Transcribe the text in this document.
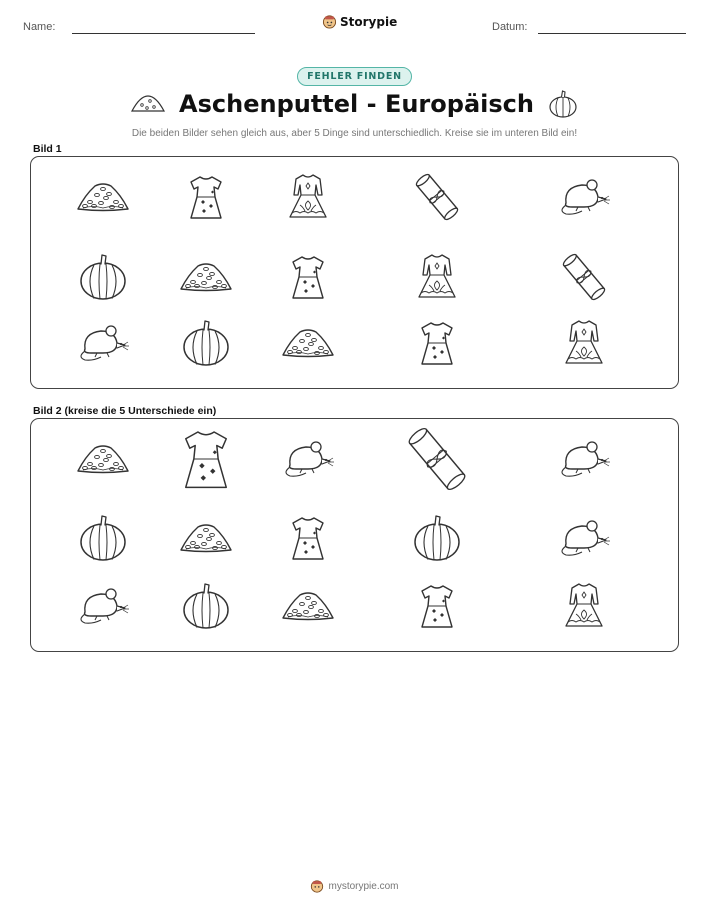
Name:	Storypie	Datum:
FEHLER FINDEN
Aschenputtel - Europäisch
Die beiden Bilder sehen gleich aus, aber 5 Dinge sind unterschiedlich. Kreise sie im unteren Bild ein!
Bild 1
Bild 2 (kreise die 5 Unterschiede ein)
mystorypie.com
